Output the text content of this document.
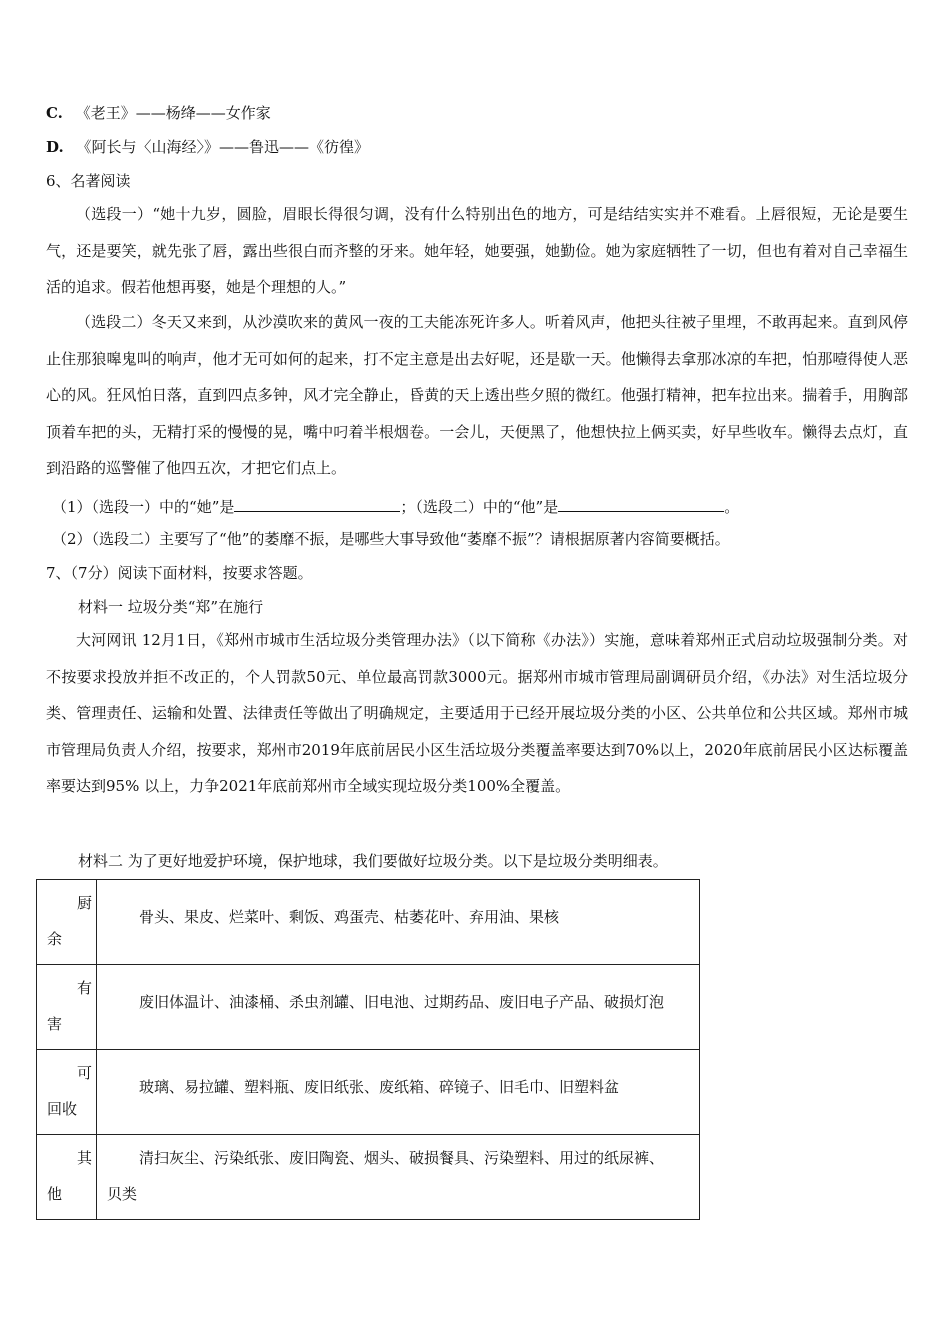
C. 《老王》——杨绛——女作家
D. 《阿长与〈山海经〉》——鲁迅——《彷徨》
6、名著阅读
（选段一）“她十九岁，圆脸，眉眼长得很匀调，没有什么特别出色的地方，可是结结实实并不难看。上唇很短，无论是要生气，还是要笑，就先张了唇，露出些很白而齐整的牙来。她年轻，她要强，她勤俭。她为家庭牺牲了一切，但也有着对自己幸福生活的追求。假若他想再娶，她是个理想的人。”
（选段二）冬天又来到，从沙漠吹来的黄风一夜的工夫能冻死许多人。听着风声，他把头往被子里埋，不敢再起来。直到风停止住那狼嗥鬼叫的响声，他才无可如何的起来，打不定主意是出去好呢，还是歇一天。他懒得去拿那冰凉的车把，怕那噎得使人恶心的风。狂风怕日落，直到四点多钟，风才完全静止，昏黄的天上透出些夕照的微红。他强打精神，把车拉出来。揣着手，用胸部顶着车把的头，无精打采的慢慢的晃，嘴中叼着半根烟卷。一会儿，天便黑了，他想快拉上俩买卖，好早些收车。懒得去点灯，直到沿路的巡警催了他四五次，才把它们点上。
（1）（选段一）中的“她”是	；（选段二）中的“他”是	。
（2）（选段二）主要写了“他”的萎靡不振，是哪些大事导致他“萎靡不振”？请根据原著内容简要概括。
7、（7分）阅读下面材料，按要求答题。
材料一 垃圾分类“郑”在施行
大河网讯 12月1日，《郑州市城市生活垃圾分类管理办法》（以下简称《办法》）实施，意味着郑州正式启动垃圾强制分类。对不按要求投放并拒不改正的，个人罚款50元、单位最高罚款3000元。据郑州市城市管理局副调研员介绍，《办法》对生活垃圾分类、管理责任、运输和处置、法律责任等做出了明确规定，主要适用于已经开展垃圾分类的小区、公共单位和公共区域。郑州市城市管理局负责人介绍，按要求，郑州市2019年底前居民小区生活垃圾分类覆盖率要达到70%以上，2020年底前居民小区达标覆盖率要达到95% 以上，力争2021年底前郑州市全域实现垃圾分类100%全覆盖。
材料二 为了更好地爱护环境，保护地球，我们要做好垃圾分类。以下是垃圾分类明细表。
厨
余	骨头、果皮、烂菜叶、剩饭、鸡蛋壳、枯萎花叶、弃用油、果核

有
害	废旧体温计、油漆桶、杀虫剂罐、旧电池、过期药品、废旧电子产品、破损灯泡

可
回收	玻璃、易拉罐、塑料瓶、废旧纸张、废纸箱、碎镜子、旧毛巾、旧塑料盆

其
他	清扫灰尘、污染纸张、废旧陶瓷、烟头、破损餐具、污染塑料、用过的纸尿裤、
贝类
